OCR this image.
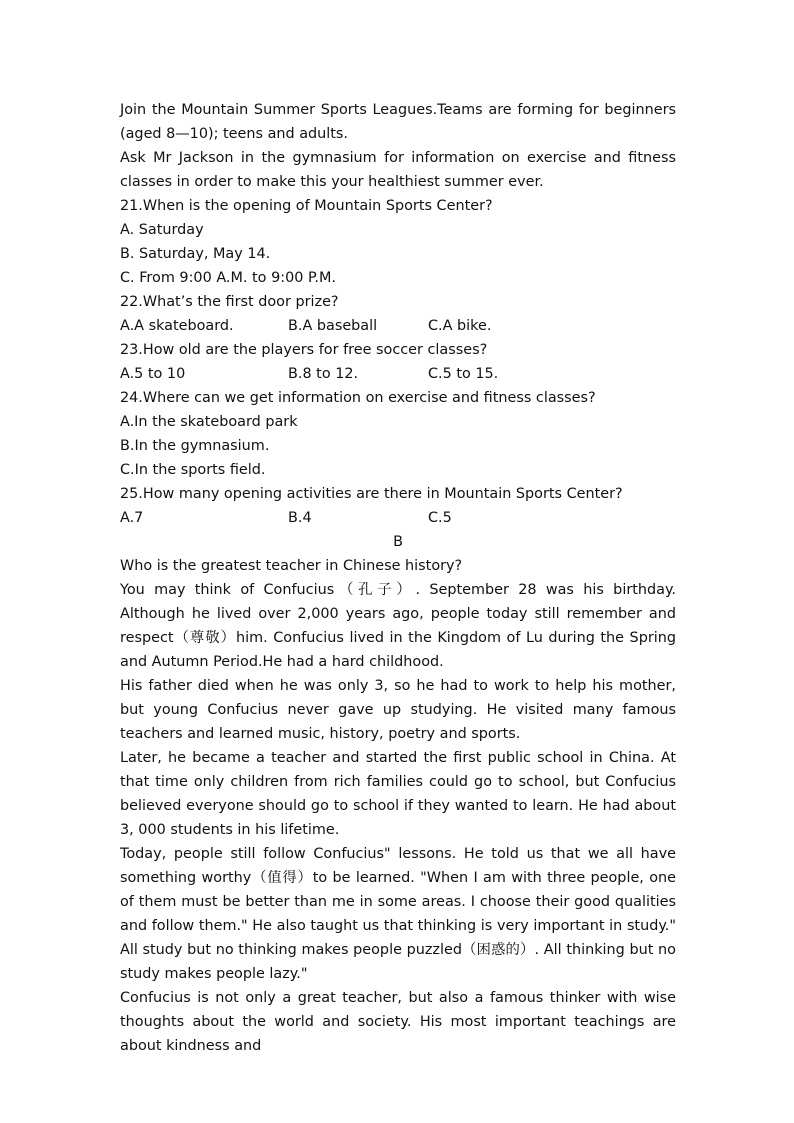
Join the Mountain Summer Sports Leagues.Teams are forming for beginners (aged 8—10); teens and adults.

Ask Mr Jackson in the gymnasium for information on exercise and fitness classes in order to make this your healthiest summer ever.

21.When is the opening of Mountain Sports Center?

A. Saturday

B. Saturday, May 14.

C. From 9:00 A.M. to 9:00 P.M.

22.What’s the first door prize?

A.A skateboard.	B.A baseball	C.A bike.

23.How old are the players for free soccer classes?

A.5 to 10	B.8 to 12.	C.5 to 15.

24.Where can we get information on exercise and fitness classes?

A.In the skateboard park

B.In the gymnasium.

C.In the sports field.

25.How many opening activities are there in Mountain Sports Center?

A.7	B.4	C.5

B

Who is the greatest teacher in Chinese history?

You may think of Confucius（孔子）. September 28 was his birthday. Although he lived over 2,000 years ago, people today still remember and respect（尊敬）him. Confucius lived in the Kingdom of Lu during the Spring and Autumn Period.He had a hard childhood.

His father died when he was only 3, so he had to work to help his mother, but young Confucius never gave up studying. He visited many famous teachers and learned music, history, poetry and sports.

Later, he became a teacher and started the first public school in China. At that time only children from rich families could go to school, but Confucius believed everyone should go to school if they wanted to learn. He had about 3, 000 students in his lifetime.

Today, people still follow Confucius" lessons. He told us that we all have something worthy（值得）to be learned. "When I am with three people, one of them must be better than me in some areas. I choose their good qualities and follow them." He also taught us that thinking is very important in study." All study but no thinking makes people puzzled（困惑的）. All thinking but no study makes people lazy."

Confucius is not only a great teacher, but also a famous thinker with wise thoughts about the world and society. His most important teachings are about kindness and
